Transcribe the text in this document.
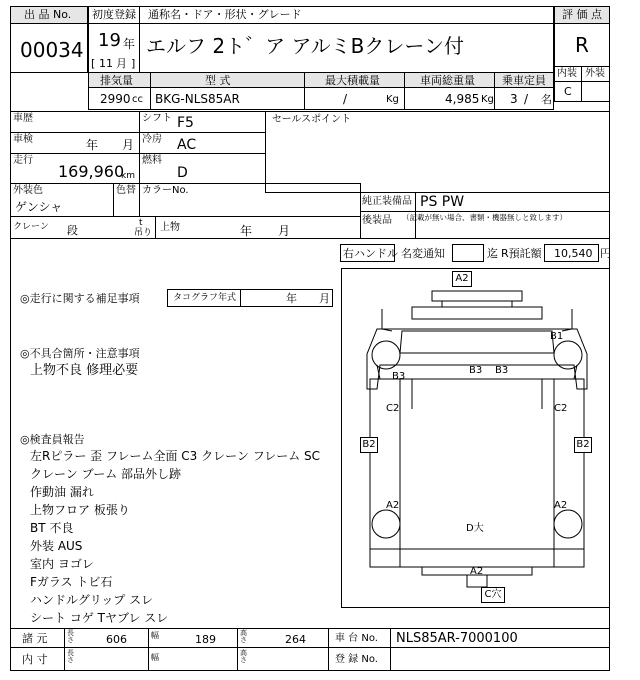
出 品 No.
00034
初度登録 通称名・ドア・形状・グレード
19 年
[ 11 月 ]
エルフ 2ト゛ア アルミBクレーン付
評 価 点
R
内装 外装
C
排気量	型 式	最大積載量	車両総重量 乗車定員
2990 cc BKG-NLS85AR	/	Kg	4,985 Kg 3 / 名
車歴	シフト F5	セールスポイント
車検	年 月 冷房 AC
走行
169,960
km
燃料
D
外装色
ゲンシャ
色替 カラーNo.
純正装備品 PS PW
後装品 （記載が無い場合、書類・機器無しと致します）
クレーン 段
t
吊り 上物	年 月
右ハンドル 名変通知	迄 R預託額 10,540 円
◎走行に関する補足事項	タコグラフ年式	年 月
◎不具合箇所・注意事項
上物不良 修理必要
◎検査員報告
左Rピラー 歪 フレーム全面 C3 クレーン フレーム SC
クレーン ブーム 部品外し跡
作動油 漏れ
上物フロア 板張り
BT 不良
外装 AUS
室内 ヨゴレ
Fガラス トビ石
ハンドルグリップ スレ
シート コゲ Tヤブレ スレ
A2
B1
B3
B3 B3
C2	C2
B2	B2
A2	A2
D大
A2
C穴
諸 元	長さ	606	幅	189	高さ	264	車 台 No. NLS85AR-7000100
内 寸	長さ	幅	高さ	登 録 No.
